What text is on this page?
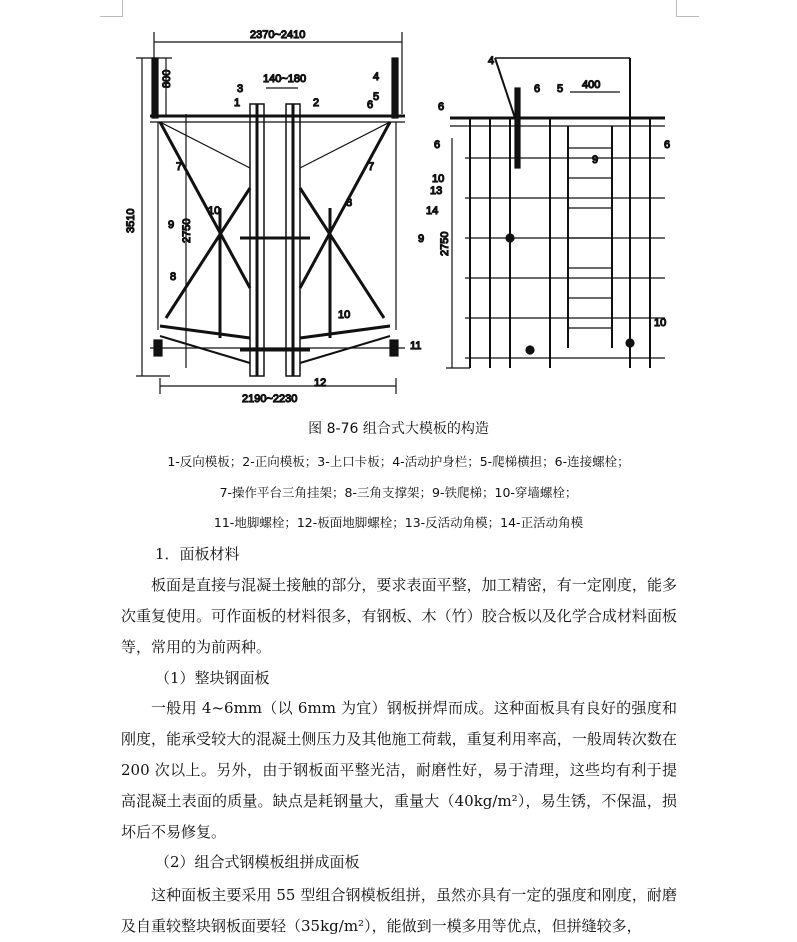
2370~2410
140~180
800
3510	2750
2190~2230
400
2750
3
1	2
4
5
6
7	7
9
9
10
8
8
10
11
12
4
6 5
6
6	6
9
10
13
14
10
图 8-76 组合式大模板的构造
1-反向模板；2-正向模板；3-上口卡板；4-活动护身栏；5-爬梯横担；6-连接螺栓；
7-操作平台三角挂架；8-三角支撑架；9-铁爬梯；10-穿墙螺栓；
11-地脚螺栓；12-板面地脚螺栓；13-反活动角模；14-正活动角模
1．面板材料
板面是直接与混凝土接触的部分，要求表面平整，加工精密，有一定刚度，能多次重复使用。可作面板的材料很多，有钢板、木（竹）胶合板以及化学合成材料面板等，常用的为前两种。
（1）整块钢面板
一般用 4~6mm（以 6mm 为宜）钢板拼焊而成。这种面板具有良好的强度和刚度，能承受较大的混凝土侧压力及其他施工荷载，重复利用率高，一般周转次数在 200 次以上。另外，由于钢板面平整光洁，耐磨性好，易于清理，这些均有利于提高混凝土表面的质量。缺点是耗钢量大，重量大（40kg/m²），易生锈，不保温，损坏后不易修复。
（2）组合式钢模板组拼成面板
这种面板主要采用 55 型组合钢模板组拼，虽然亦具有一定的强度和刚度，耐磨及自重较整块钢板面要轻（35kg/m²），能做到一模多用等优点，但拼缝较多，
